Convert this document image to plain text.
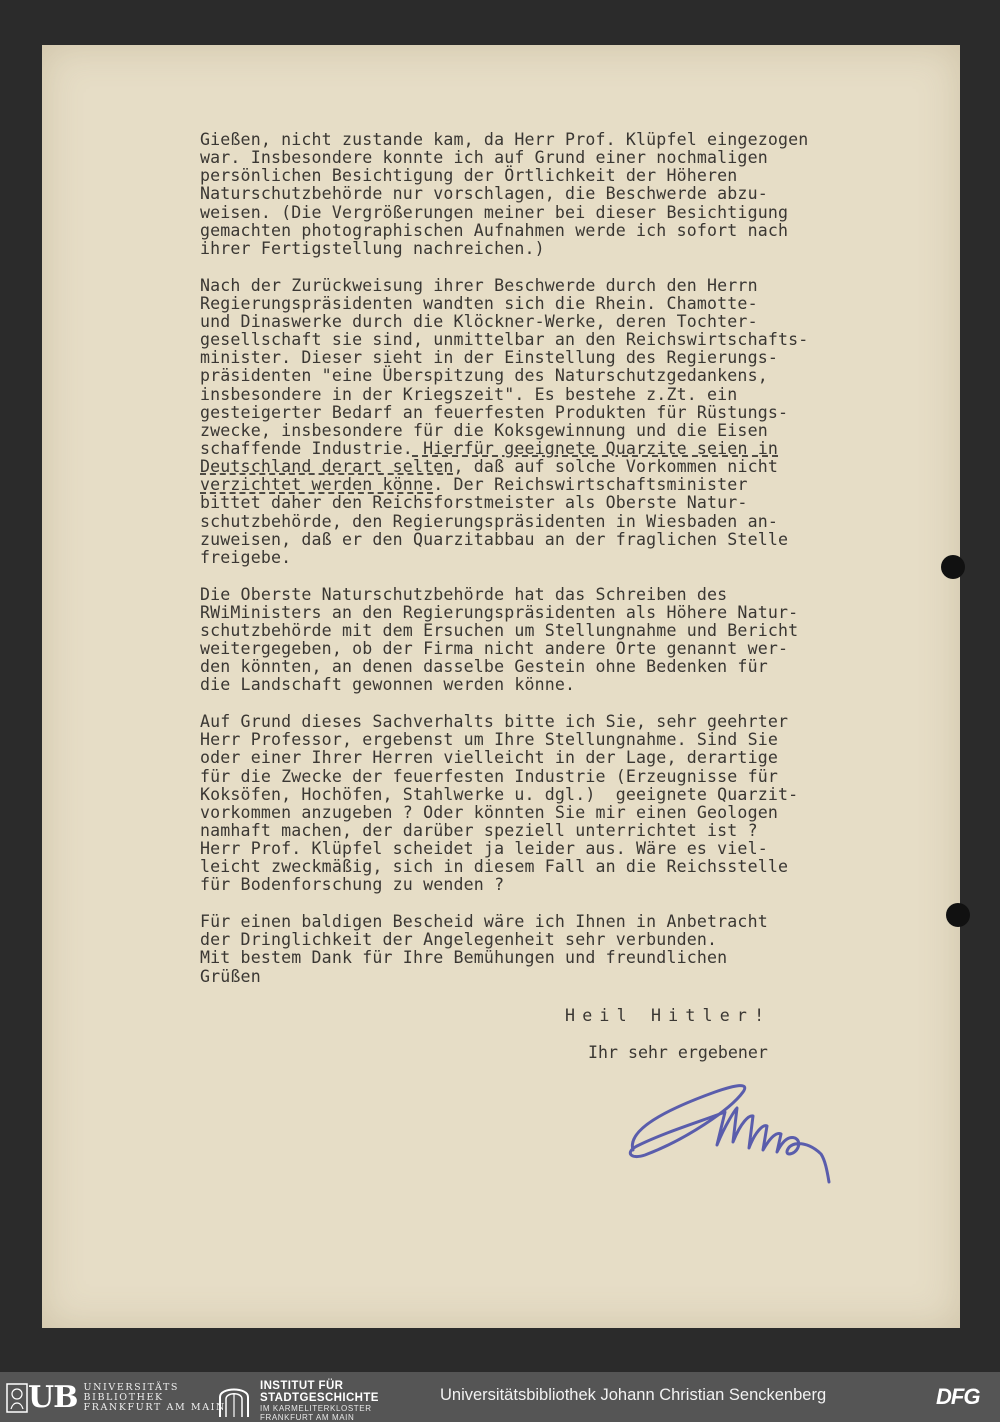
Gießen, nicht zustande kam, da Herr Prof. Klüpfel eingezogen
war. Insbesondere konnte ich auf Grund einer nochmaligen
persönlichen Besichtigung der Örtlichkeit der Höheren
Naturschutzbehörde nur vorschlagen, die Beschwerde abzu-
weisen. (Die Vergrößerungen meiner bei dieser Besichtigung
gemachten photographischen Aufnahmen werde ich sofort nach
ihrer Fertigstellung nachreichen.)
Nach der Zurückweisung ihrer Beschwerde durch den Herrn
Regierungspräsidenten wandten sich die Rhein. Chamotte-
und Dinaswerke durch die Klöckner-Werke, deren Tochter-
gesellschaft sie sind, unmittelbar an den Reichswirtschafts-
minister. Dieser sieht in der Einstellung des Regierungs-
präsidenten "eine Überspitzung des Naturschutzgedankens,
insbesondere in der Kriegszeit". Es bestehe z.Zt. ein
gesteigerter Bedarf an feuerfesten Produkten für Rüstungs-
zwecke, insbesondere für die Koksgewinnung und die Eisen
schaffende Industrie. Hierfür geeignete Quarzite seien in
Deutschland derart selten, daß auf solche Vorkommen nicht
verzichtet werden könne. Der Reichswirtschaftsminister
bittet daher den Reichsforstmeister als Oberste Natur-
schutzbehörde, den Regierungspräsidenten in Wiesbaden an-
zuweisen, daß er den Quarzitabbau an der fraglichen Stelle
freigebe.
Die Oberste Naturschutzbehörde hat das Schreiben des
RWiMinisters an den Regierungspräsidenten als Höhere Natur-
schutzbehörde mit dem Ersuchen um Stellungnahme und Bericht
weitergegeben, ob der Firma nicht andere Orte genannt wer-
den könnten, an denen dasselbe Gestein ohne Bedenken für
die Landschaft gewonnen werden könne.
Auf Grund dieses Sachverhalts bitte ich Sie, sehr geehrter
Herr Professor, ergebenst um Ihre Stellungnahme. Sind Sie
oder einer Ihrer Herren vielleicht in der Lage, derartige
für die Zwecke der feuerfesten Industrie (Erzeugnisse für
Koksöfen, Hochöfen, Stahlwerke u. dgl.)  geeignete Quarzit-
vorkommen anzugeben ? Oder könnten Sie mir einen Geologen
namhaft machen, der darüber speziell unterrichtet ist ?
Herr Prof. Klüpfel scheidet ja leider aus. Wäre es viel-
leicht zweckmäßig, sich in diesem Fall an die Reichsstelle
für Bodenforschung zu wenden ?
Für einen baldigen Bescheid wäre ich Ihnen in Anbetracht
der Dringlichkeit der Angelegenheit sehr verbunden.
Mit bestem Dank für Ihre Bemühungen und freundlichen
Grüßen
Heil Hitler!
Ihr sehr ergebener
UB UNIVERSITÄTS
BIBLIOTHEK
FRANKFURT AM MAIN
INSTITUT FÜR
STADTGESCHICHTE
IM KARMELITERKLOSTER
FRANKFURT AM MAIN
Universitätsbibliothek Johann Christian Senckenberg	DFG
